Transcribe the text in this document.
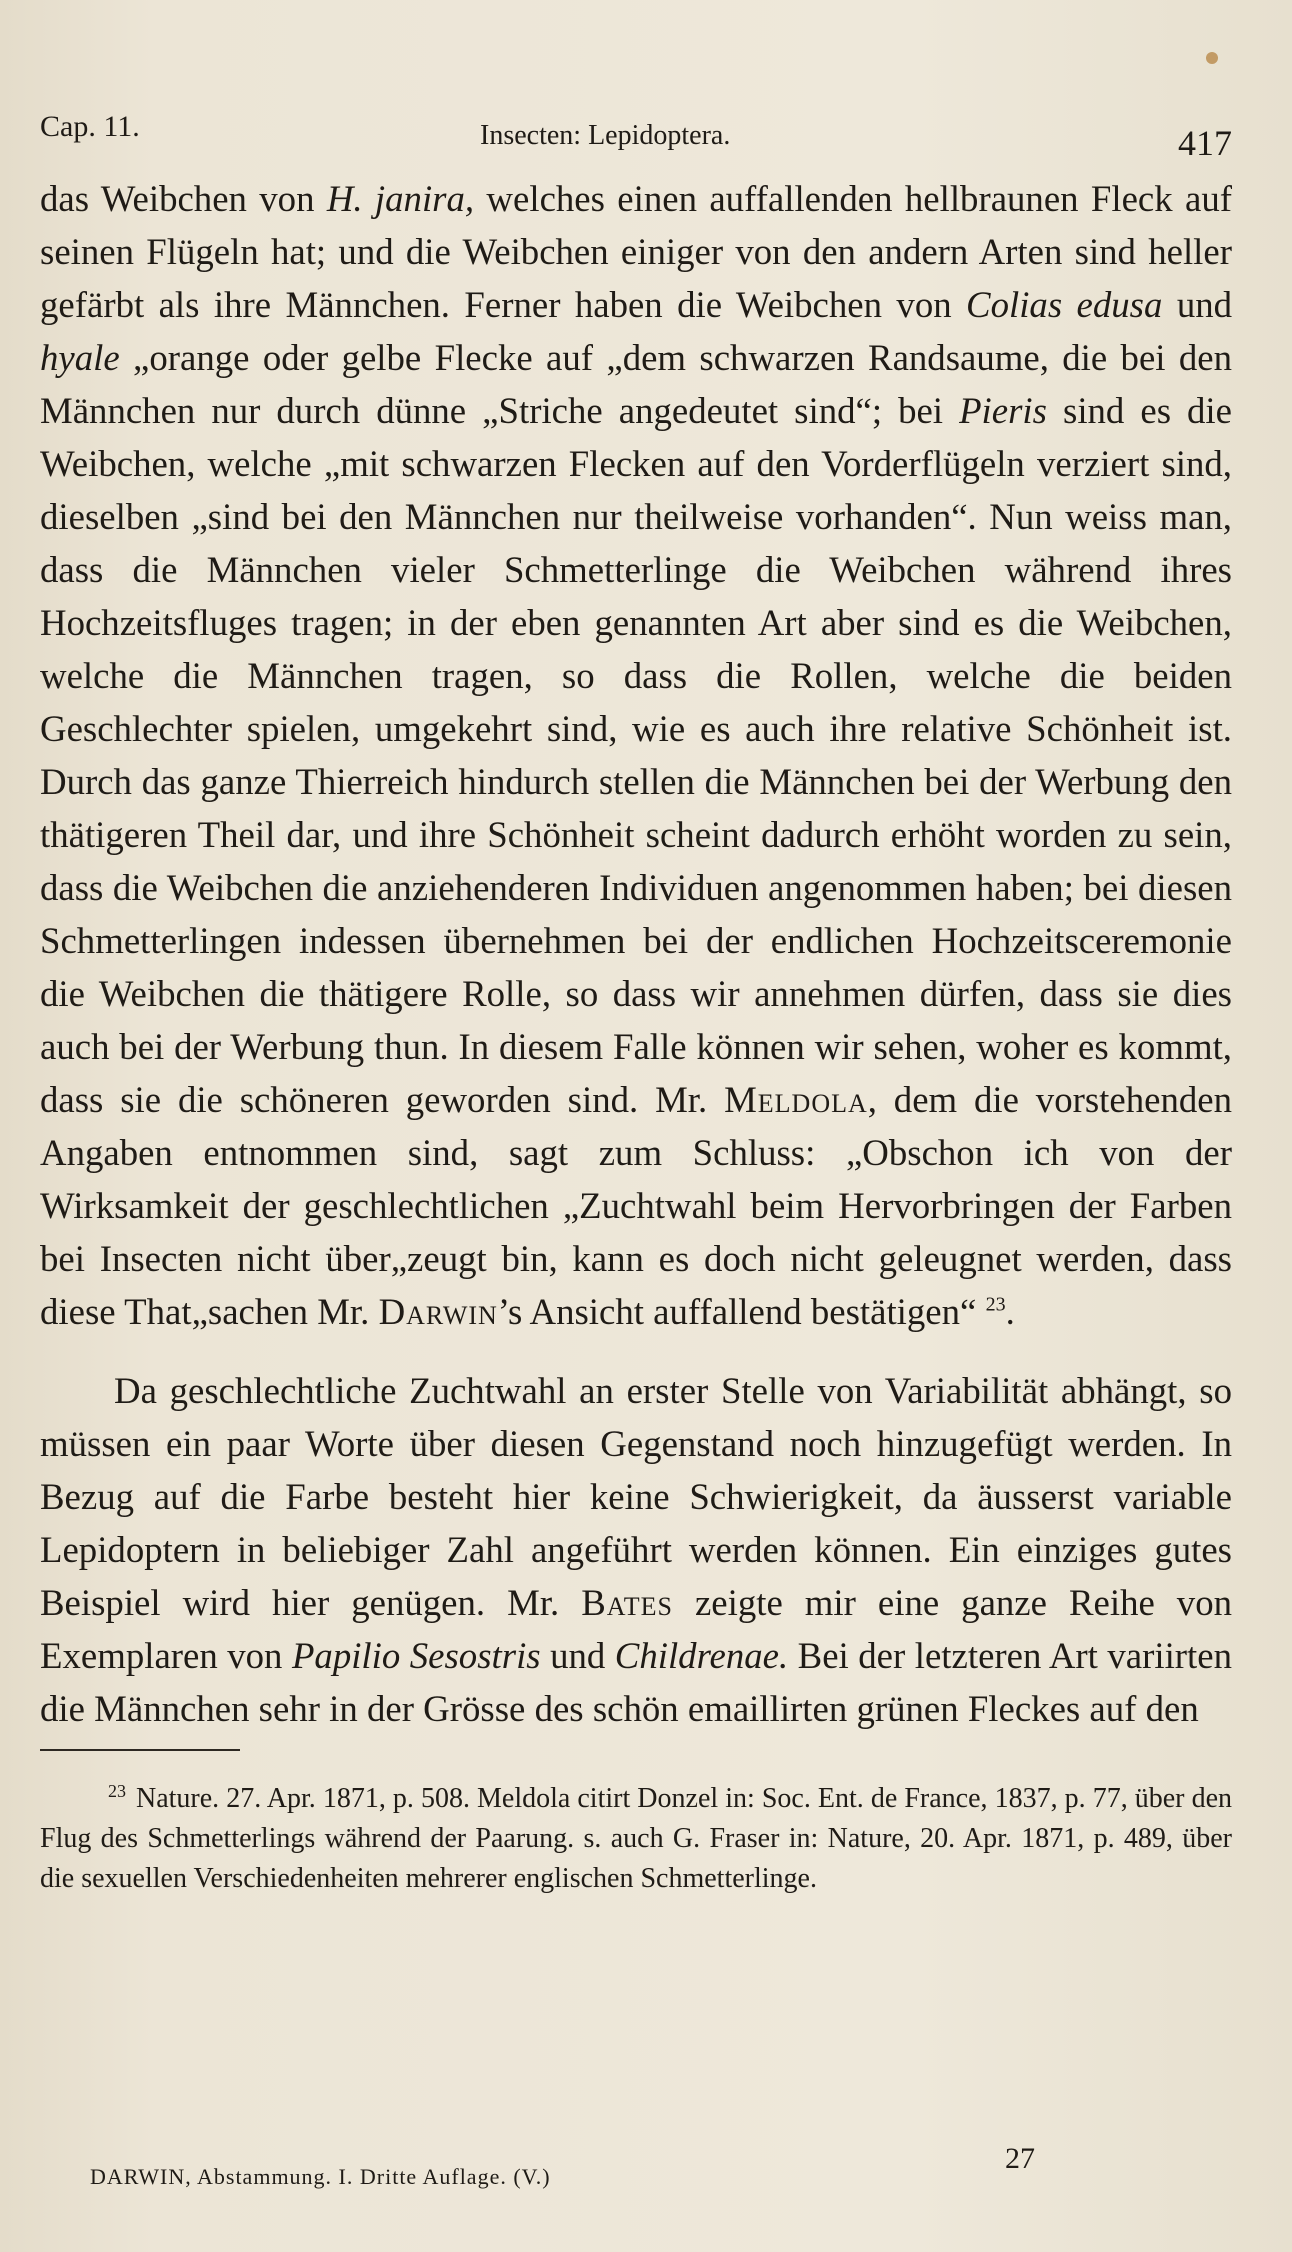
Cap. 11.	Insecten: Lepidoptera.	417

das Weibchen von H. janira, welches einen auffallenden hellbraunen Fleck auf seinen Flügeln hat; und die Weibchen einiger von den andern Arten sind heller gefärbt als ihre Männchen. Ferner haben die Weibchen von Colias edusa und hyale „orange oder gelbe Flecke auf „dem schwarzen Randsaume, die bei den Männchen nur durch dünne „Striche angedeutet sind“; bei Pieris sind es die Weibchen, welche „mit schwarzen Flecken auf den Vorderflügeln verziert sind, dieselben „sind bei den Männchen nur theilweise vorhanden“. Nun weiss man, dass die Männchen vieler Schmetterlinge die Weibchen während ihres Hochzeitsfluges tragen; in der eben genannten Art aber sind es die Weibchen, welche die Männchen tragen, so dass die Rollen, welche die beiden Geschlechter spielen, umgekehrt sind, wie es auch ihre relative Schönheit ist. Durch das ganze Thierreich hindurch stellen die Männchen bei der Werbung den thätigeren Theil dar, und ihre Schönheit scheint dadurch erhöht worden zu sein, dass die Weibchen die anziehenderen Individuen angenommen haben; bei diesen Schmetterlingen indessen übernehmen bei der endlichen Hochzeitsceremonie die Weibchen die thätigere Rolle, so dass wir annehmen dürfen, dass sie dies auch bei der Werbung thun. In diesem Falle können wir sehen, woher es kommt, dass sie die schöneren geworden sind. Mr. Meldola, dem die vorstehenden Angaben entnommen sind, sagt zum Schluss: „Obschon ich von der Wirksamkeit der geschlechtlichen „Zuchtwahl beim Hervorbringen der Farben bei Insecten nicht über„zeugt bin, kann es doch nicht geleugnet werden, dass diese That„sachen Mr. Darwin’s Ansicht auffallend bestätigen“ $^{23}$.

Da geschlechtliche Zuchtwahl an erster Stelle von Variabilität abhängt, so müssen ein paar Worte über diesen Gegenstand noch hinzugefügt werden. In Bezug auf die Farbe besteht hier keine Schwierigkeit, da äusserst variable Lepidoptern in beliebiger Zahl angeführt werden können. Ein einziges gutes Beispiel wird hier genügen. Mr. Bates zeigte mir eine ganze Reihe von Exemplaren von Papilio Sesostris und Childrenae. Bei der letzteren Art variirten die Männchen sehr in der Grösse des schön emaillirten grünen Fleckes auf den

$^{23}$ Nature. 27. Apr. 1871, p. 508. Meldola citirt Donzel in: Soc. Ent. de France, 1837, p. 77, über den Flug des Schmetterlings während der Paarung. s. auch G. Fraser in: Nature, 20. Apr. 1871, p. 489, über die sexuellen Verschiedenheiten mehrerer englischen Schmetterlinge.

DARWIN, Abstammung. I. Dritte Auflage. (V.)
27
